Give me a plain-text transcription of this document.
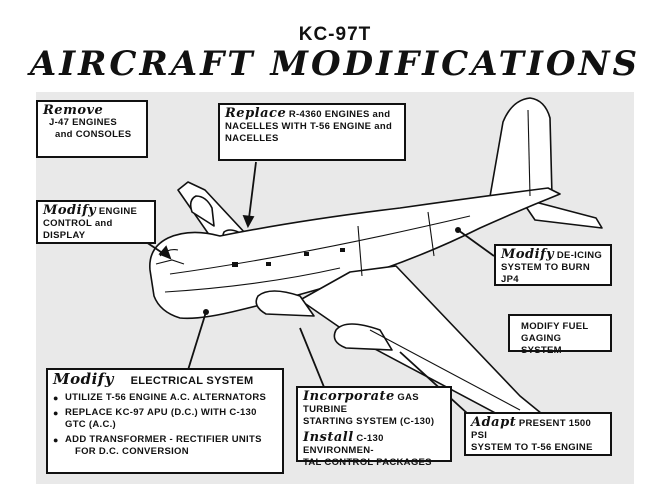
KC-97T
AIRCRAFT MODIFICATIONS
Remove
J-47 ENGINES
and CONSOLES
Replace R-4360 ENGINES and
NACELLES WITH T-56 ENGINE and
NACELLES
Modify ENGINE
CONTROL and DISPLAY
Modify DE-ICING
SYSTEM TO BURN JP4
MODIFY FUEL
GAGING SYSTEM
Modify ELECTRICAL SYSTEM
● UTILIZE T-56 ENGINE A.C. ALTERNATORS
● REPLACE KC-97 APU (D.C.) WITH C-130 GTC (A.C.)
● ADD TRANSFORMER - RECTIFIER UNITS
FOR D.C. CONVERSION
Incorporate GAS TURBINE
STARTING SYSTEM (C-130)
Install C-130 ENVIRONMEN-
TAL CONTROL PACKAGES
Adapt PRESENT 1500 PSI
SYSTEM TO T-56 ENGINE
